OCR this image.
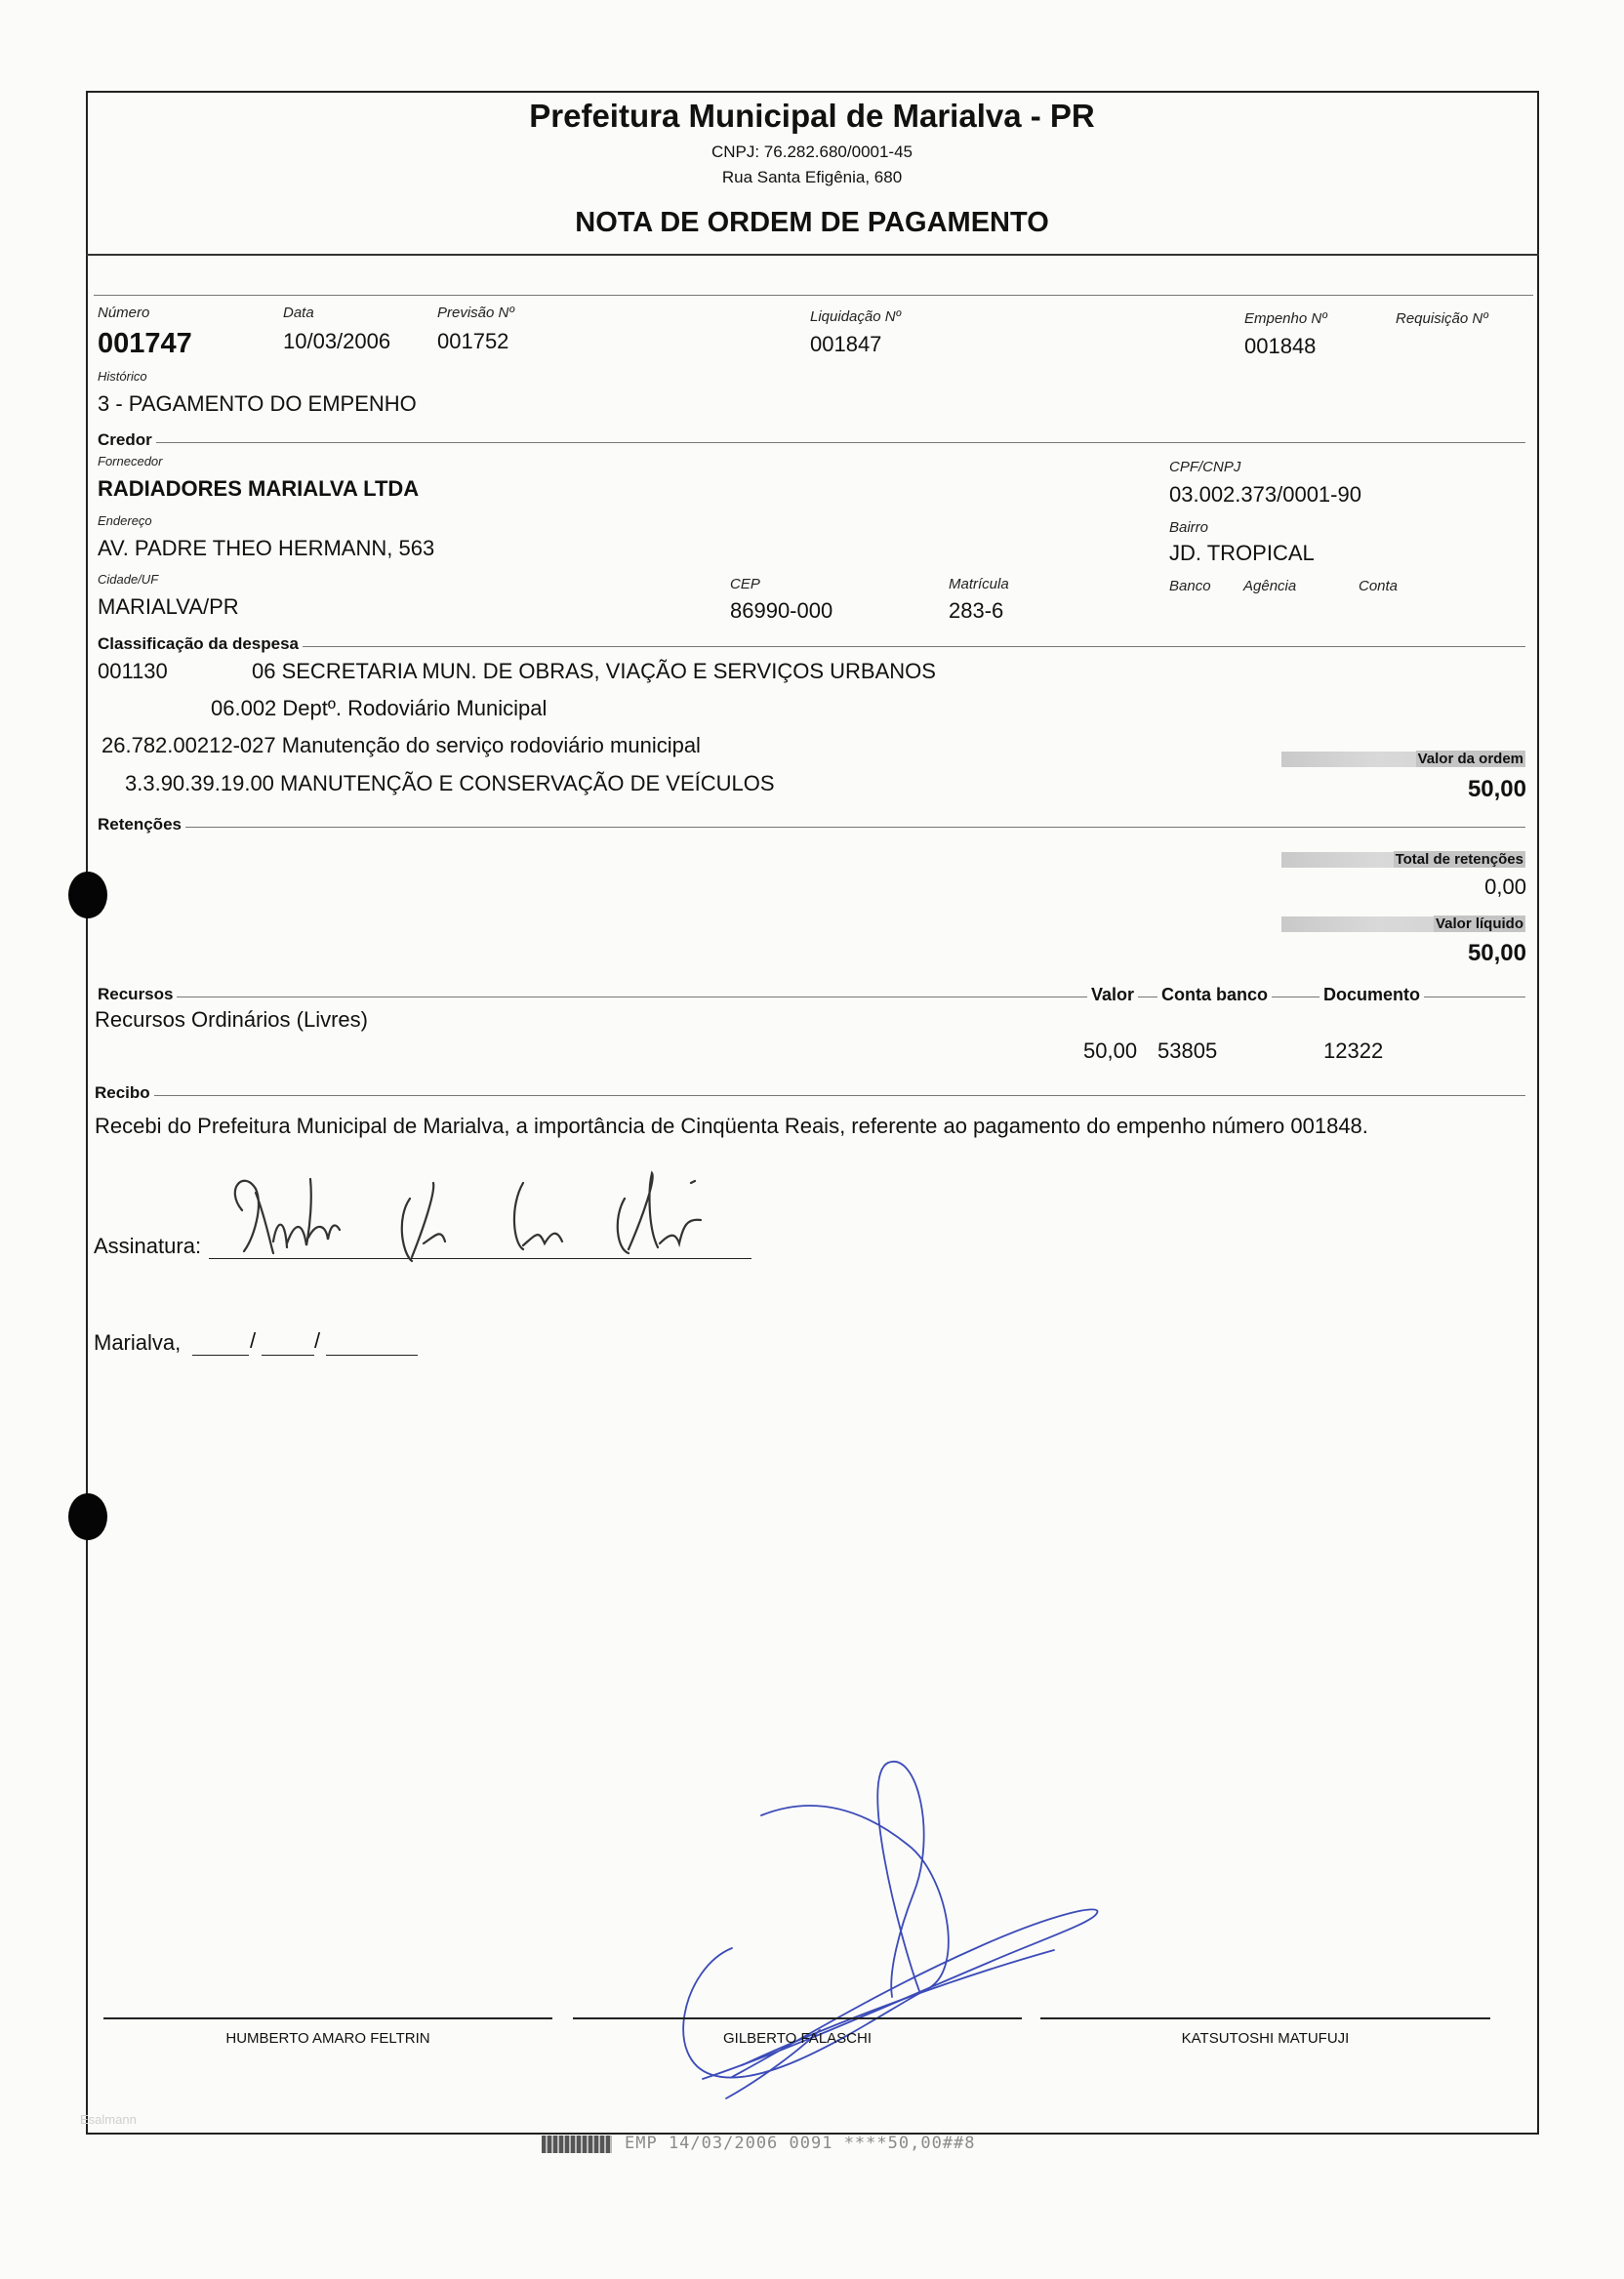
Prefeitura Municipal de Marialva - PR
CNPJ: 76.282.680/0001-45
Rua Santa Efigênia, 680
NOTA DE ORDEM DE PAGAMENTO
Número
001747
Data
10/03/2006
Previsão Nº
001752
Liquidação Nº
001847
Empenho Nº
001848
Requisição Nº
Histórico
3 - PAGAMENTO DO EMPENHO
Credor
Fornecedor
RADIADORES MARIALVA LTDA
CPF/CNPJ
03.002.373/0001-90
Endereço
AV. PADRE THEO HERMANN, 563
Bairro
JD. TROPICAL
Cidade/UF
MARIALVA/PR
CEP
86990-000
Matrícula
283-6
Banco Agência	Conta
Classificação da despesa
001130	06 SECRETARIA MUN. DE OBRAS, VIAÇÃO E SERVIÇOS URBANOS
06.002 Deptº. Rodoviário Municipal
26.782.00212-027 Manutenção do serviço rodoviário municipal
3.3.90.39.19.00 MANUTENÇÃO E CONSERVAÇÃO DE VEÍCULOS
Valor da ordem
50,00
Retenções
Total de retenções
0,00
Valor líquido
50,00
Recursos	Valor Conta banco	Documento
Recursos Ordinários (Livres)
50,00 53805	12322
Recibo
Recebi do Prefeitura Municipal de Marialva, a importância de Cinqüenta Reais, referente ao pagamento do empenho número 001848.
Assinatura:
Marialva,	/	/
HUMBERTO AMARO FELTRIN	GILBERTO FALASCHI	KATSUTOSHI MATUFUJI
Esalmann
EMP 14/03/2006 0091 ****50,00##8
